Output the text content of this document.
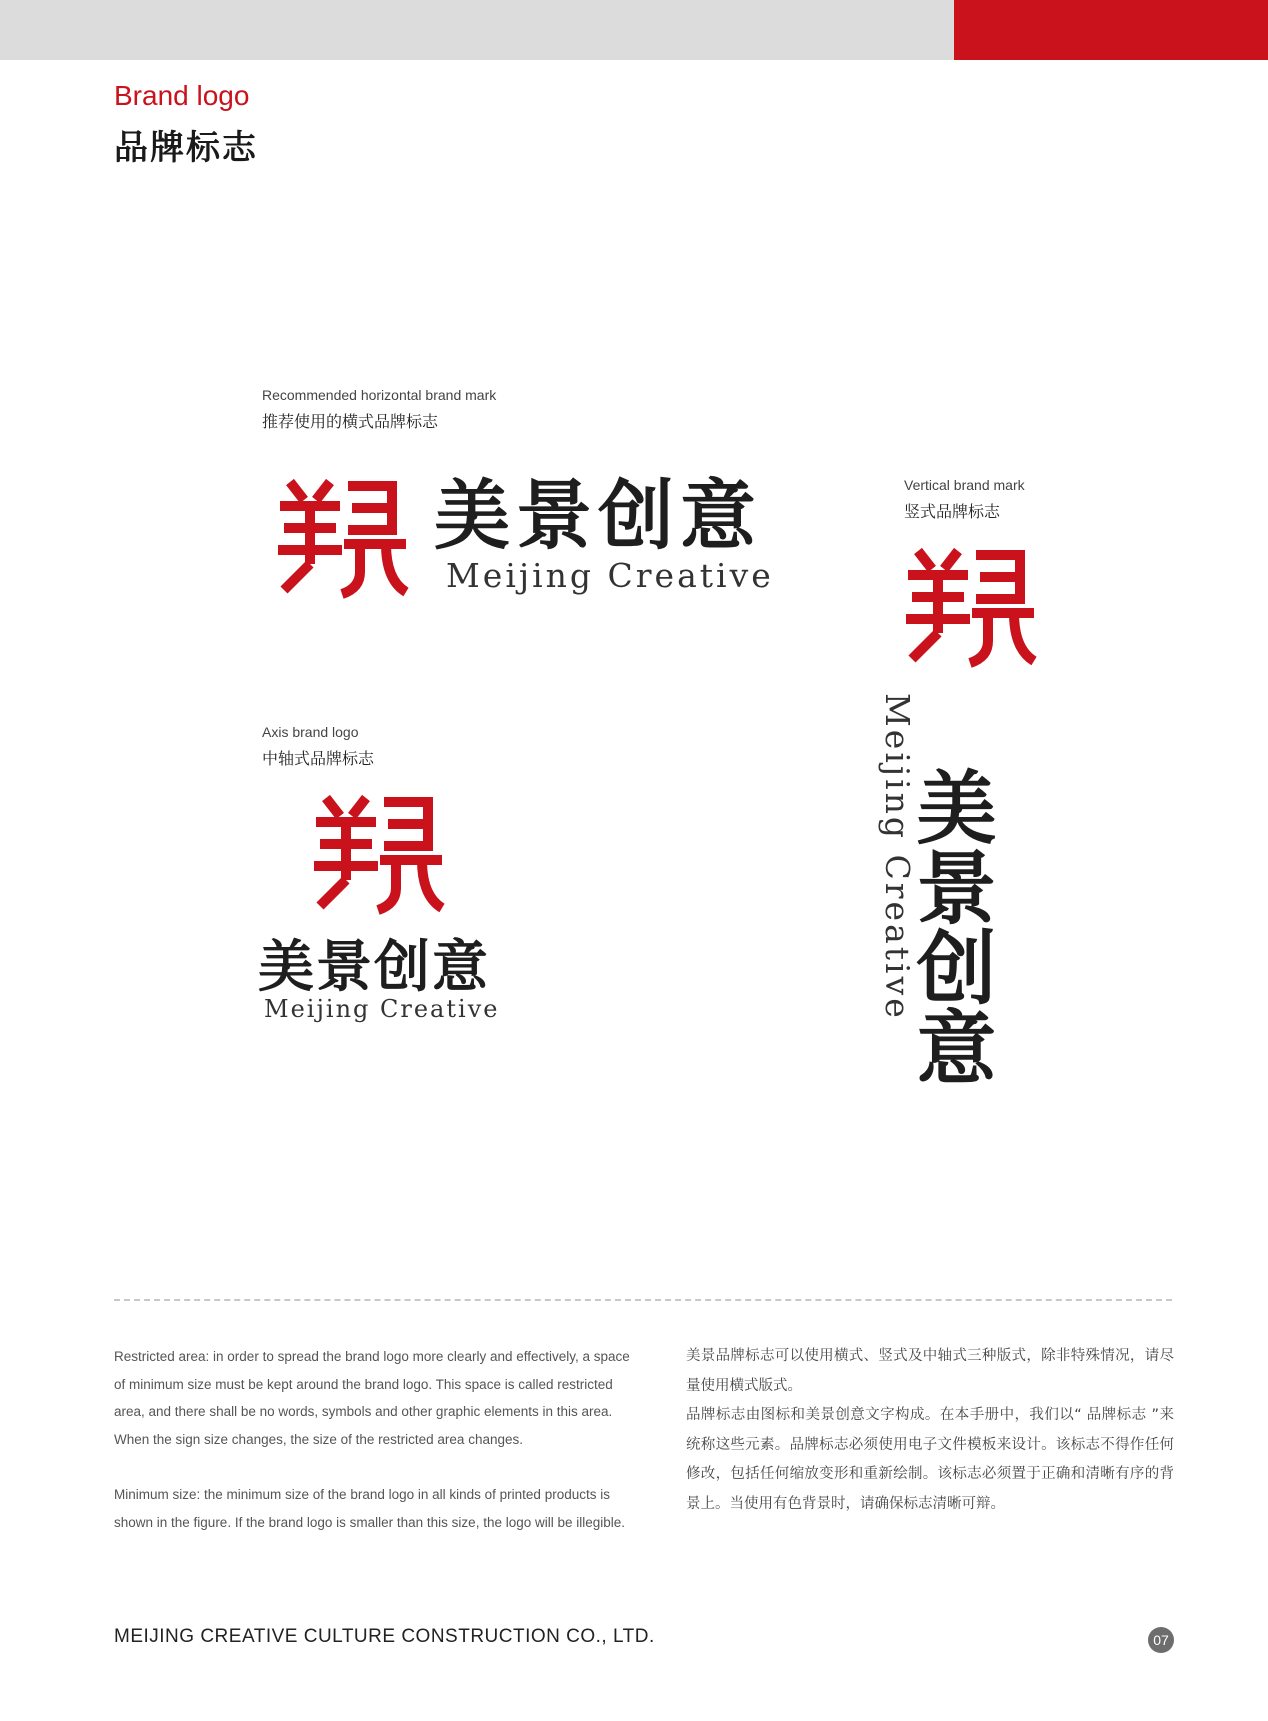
Brand logo
品牌标志
Recommended horizontal brand mark
推荐使用的横式品牌标志
美景创意
Meijing Creative
Axis brand logo
中轴式品牌标志
美景创意
Meijing Creative
Vertical brand mark
竖式品牌标志
美景创意
Meijing Creative
Restricted area: in order to spread the brand logo more clearly and effectively, a space of minimum size must be kept around the brand logo. This space is called restricted area, and there shall be no words, symbols and other graphic elements in this area. When the sign size changes, the size of the restricted area changes.
Minimum size: the minimum size of the brand logo in all kinds of printed products is shown in the figure. If the brand logo is smaller than this size, the logo will be illegible.
美景品牌标志可以使用横式、竖式及中轴式三种版式，除非特殊情况，请尽量使用横式版式。
品牌标志由图标和美景创意文字构成。在本手册中，我们以“ 品牌标志 ”来统称这些元素。品牌标志必须使用电子文件模板来设计。该标志不得作任何修改，包括任何缩放变形和重新绘制。该标志必须置于正确和清晰有序的背景上。当使用有色背景时，请确保标志清晰可辩。
MEIJING CREATIVE CULTURE CONSTRUCTION CO., LTD.	07
